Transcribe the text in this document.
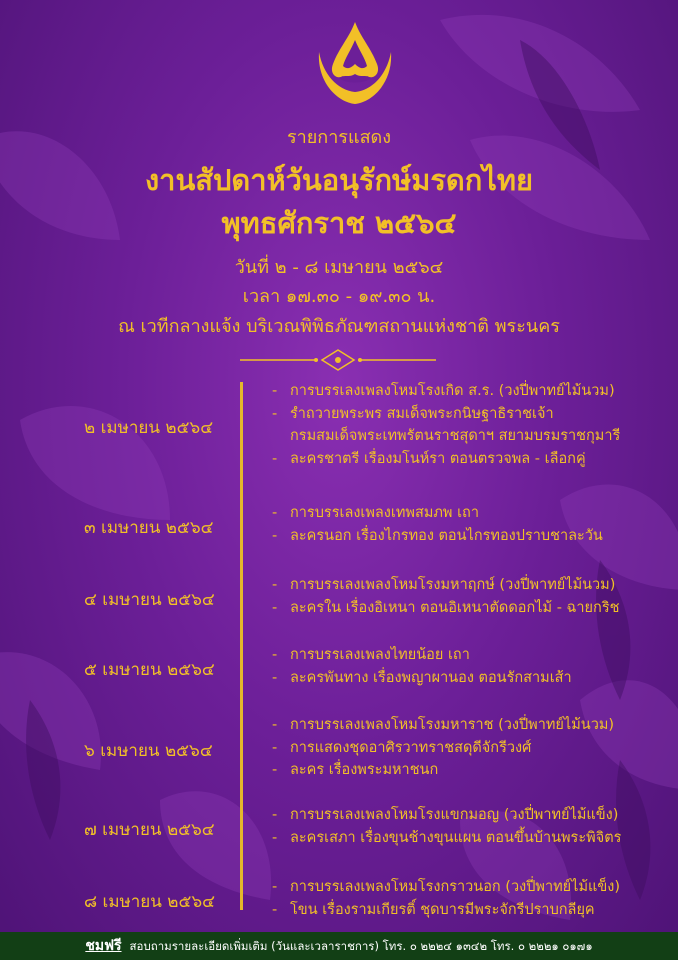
รายการแสดง
งานสัปดาห์วันอนุรักษ์มรดกไทย
พุทธศักราช ๒๕๖๔
วันที่ ๒ - ๘ เมษายน ๒๕๖๔
เวลา ๑๗.๓๐ - ๑๙.๓๐ น.
ณ เวทีกลางแจ้ง บริเวณพิพิธภัณฑสถานแห่งชาติ พระนคร
๒ เมษายน ๒๕๖๔
- การบรรเลงเพลงโหมโรงเกิด ส.ร. (วงปี่พาทย์ไม้นวม)
- รำถวายพระพร สมเด็จพระกนิษฐาธิราชเจ้า
กรมสมเด็จพระเทพรัตนราชสุดาฯ สยามบรมราชกุมารี
- ละครชาตรี เรื่องมโนห์รา ตอนตรวจพล - เลือกคู่
๓ เมษายน ๒๕๖๔
- การบรรเลงเพลงเทพสมภพ เถา
- ละครนอก เรื่องไกรทอง ตอนไกรทองปราบชาละวัน
๔ เมษายน ๒๕๖๔
- การบรรเลงเพลงโหมโรงมหาฤกษ์ (วงปี่พาทย์ไม้นวม)
- ละครใน เรื่องอิเหนา ตอนอิเหนาตัดดอกไม้ - ฉายกริช
๕ เมษายน ๒๕๖๔
- การบรรเลงเพลงไทยน้อย เถา
- ละครพันทาง เรื่องพญาผานอง ตอนรักสามเส้า
๖ เมษายน ๒๕๖๔
- การบรรเลงเพลงโหมโรงมหาราช (วงปี่พาทย์ไม้นวม)
- การแสดงชุดอาศิรวาทราชสดุดีจักรีวงศ์
- ละคร เรื่องพระมหาชนก
๗ เมษายน ๒๕๖๔
- การบรรเลงเพลงโหมโรงแขกมอญ (วงปี่พาทย์ไม้แข็ง)
- ละครเสภา เรื่องขุนช้างขุนแผน ตอนขึ้นบ้านพระพิจิตร
๘ เมษายน ๒๕๖๔
- การบรรเลงเพลงโหมโรงกราวนอก (วงปี่พาทย์ไม้แข็ง)
- โขน เรื่องรามเกียรติ์ ชุดบารมีพระจักรีปราบกลียุค
ชมฟรี สอบถามรายละเอียดเพิ่มเติม (วันและเวลาราชการ) โทร. ๐ ๒๒๒๔ ๑๓๔๒ โทร. ๐ ๒๒๒๑ ๐๑๗๑
